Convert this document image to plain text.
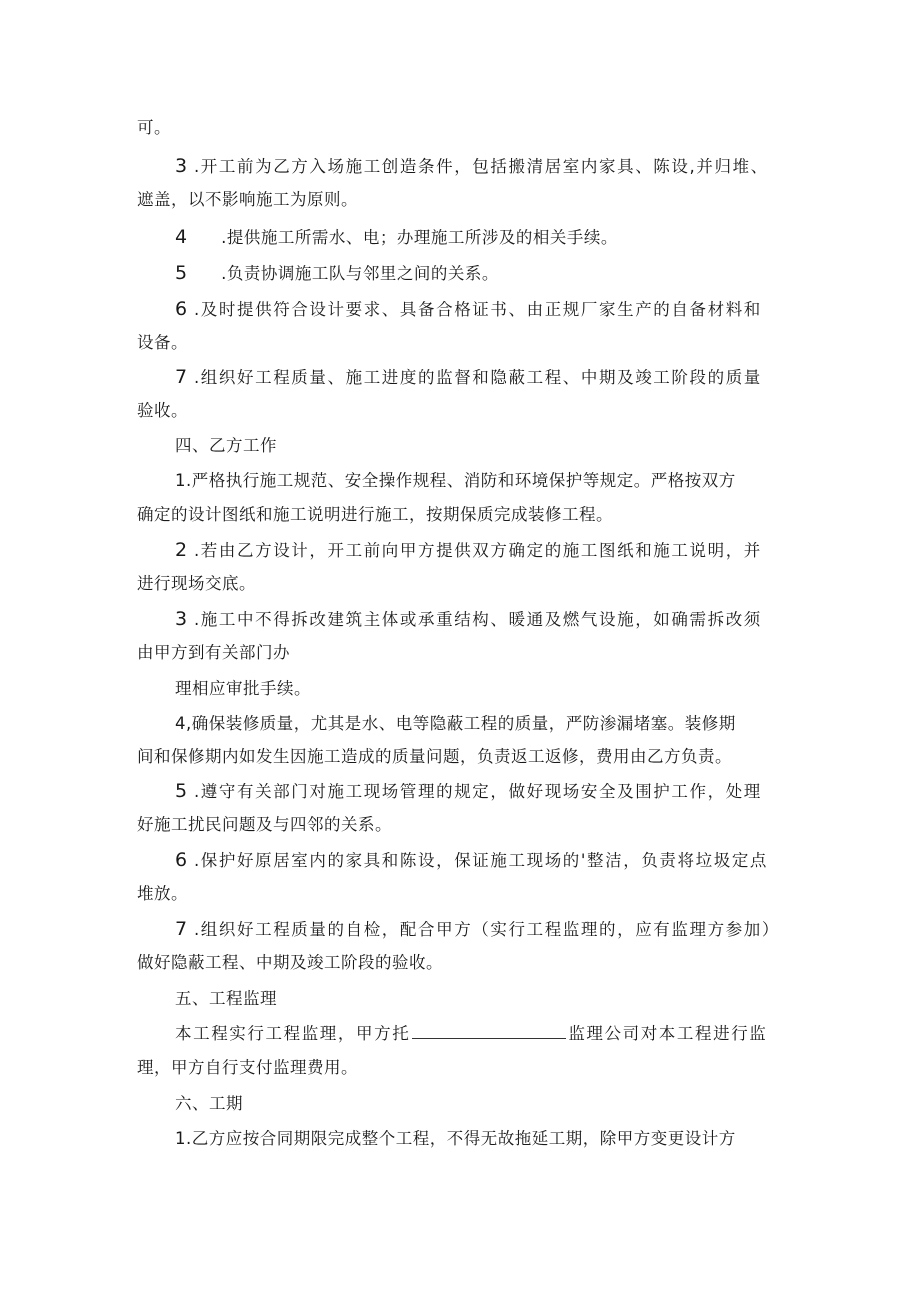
可。
3 .开工前为乙方入场施工创造条件，包括搬清居室内家具、陈设,并归堆、
遮盖，以不影响施工为原则。
4 .提供施工所需水、电；办理施工所涉及的相关手续。
5 .负责协调施工队与邻里之间的关系。
6 .及时提供符合设计要求、具备合格证书、由正规厂家生产的自备材料和
设备。
7 .组织好工程质量、施工进度的监督和隐蔽工程、中期及竣工阶段的质量
验收。
四、乙方工作
1.严格执行施工规范、安全操作规程、消防和环境保护等规定。严格按双方
确定的设计图纸和施工说明进行施工，按期保质完成装修工程。
2 .若由乙方设计，开工前向甲方提供双方确定的施工图纸和施工说明，并
进行现场交底。
3 .施工中不得拆改建筑主体或承重结构、暖通及燃气设施，如确需拆改须
由甲方到有关部门办
理相应审批手续。
4,确保装修质量，尤其是水、电等隐蔽工程的质量，严防渗漏堵塞。装修期
间和保修期内如发生因施工造成的质量问题，负责返工返修，费用由乙方负责。
5 .遵守有关部门对施工现场管理的规定，做好现场安全及围护工作，处理
好施工扰民问题及与四邻的关系。
6 .保护好原居室内的家具和陈设，保证施工现场的'整洁，负责将垃圾定点
堆放。
7 .组织好工程质量的自检，配合甲方（实行工程监理的，应有监理方参加）
做好隐蔽工程、中期及竣工阶段的验收。
五、工程监理
本工程实行工程监理，甲方托	监理公司对本工程进行监
理，甲方自行支付监理费用。
六、工期
1.乙方应按合同期限完成整个工程，不得无故拖延工期，除甲方变更设计方
